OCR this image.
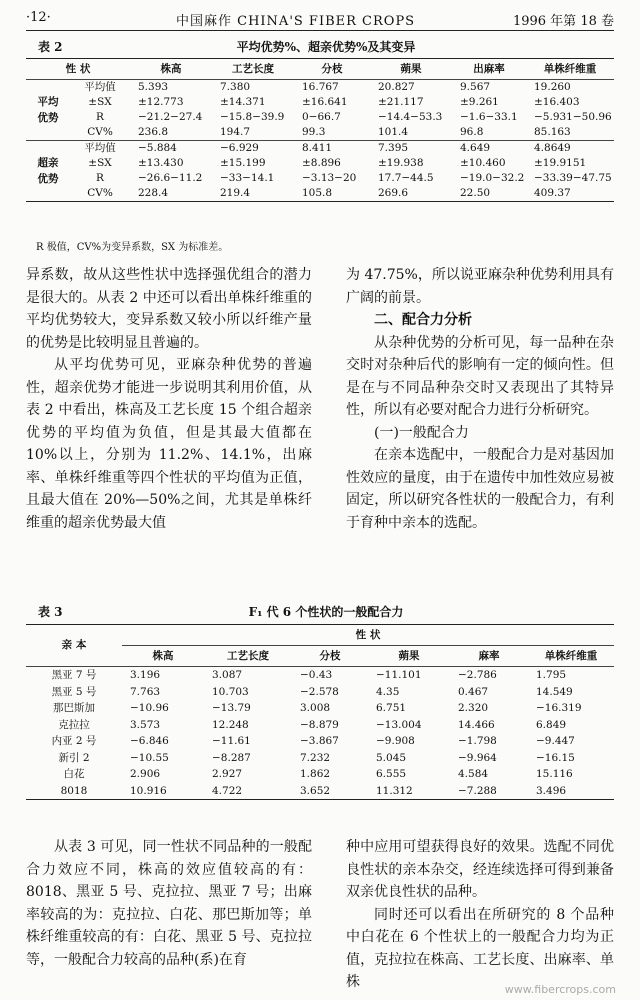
·12·	中国麻作 CHINA'S FIBER CROPS	1996 年第 18 卷
表 2	平均优势%、超亲优势%及其变异
性 状		株高	工艺长度	分枝	蒴果	出麻率	单株纤维重
平均
优势	平均值	5.393	7.380	16.767	20.827	9.567	19.260
	±SX	±12.773	±14.371	±16.641	±21.117	±9.261	±16.403
	R	−21.2−27.4	−15.8−39.9	0−66.7	−14.4−53.3	−1.6−33.1	−5.931−50.96
	CV%	236.8	194.7	99.3	101.4	96.8	85.163
超亲
优势	平均值	−5.884	−6.929	8.411	7.395	4.649	4.8649
	±SX	±13.430	±15.199	±8.896	±19.938	±10.460	±19.9151
	R	−26.6−11.2	−33−14.1	−3.13−20	17.7−44.5	−19.0−32.2	−33.39−47.75
	CV%	228.4	219.4	105.8	269.6	22.50	409.37
R 极值，CV%为变异系数，SX 为标准差。

异系数，故从这些性状中选择强优组合的潜力是很大的。从表 2 中还可以看出单株纤维重的平均优势较大，变异系数又较小所以纤维产量的优势是比较明显且普遍的。

从平均优势可见，亚麻杂种优势的普遍性，超亲优势才能进一步说明其利用价值，从表 2 中看出，株高及工艺长度 15 个组合超亲优势的平均值为负值，但是其最大值都在 10%以上，分别为 11.2%、14.1%，出麻率、单株纤维重等四个性状的平均值为正值，且最大值在 20%—50%之间，尤其是单株纤维重的超亲优势最大值

为 47.75%，所以说亚麻杂种优势利用具有广阔的前景。

二、配合力分析

从杂种优势的分析可见，每一品种在杂交时对杂种后代的影响有一定的倾向性。但是在与不同品种杂交时又表现出了其特异性，所以有必要对配合力进行分析研究。

(一)一般配合力

在亲本选配中，一般配合力是对基因加性效应的量度，由于在遗传中加性效应易被固定，所以研究各性状的一般配合力，有利于育种中亲本的选配。

表 3	F₁ 代 6 个性状的一般配合力
亲 本	性 状					
	株高	工艺长度	分枝	蒴果	麻率	单株纤维重
黑亚 7 号	3.196	3.087	−0.43	−11.101	−2.786	1.795
黑亚 5 号	7.763	10.703	−2.578	4.35	0.467	14.549
那巴斯加	−10.96	−13.79	3.008	6.751	2.320	−16.319
克拉拉	3.573	12.248	−8.879	−13.004	14.466	6.849
内亚 2 号	−6.846	−11.61	−3.867	−9.908	−1.798	−9.447
新引 2	−10.55	−8.287	7.232	5.045	−9.964	−16.15
白花	2.906	2.927	1.862	6.555	4.584	15.116
8018	10.916	4.722	3.652	11.312	−7.288	3.496

从表 3 可见，同一性状不同品种的一般配合力效应不同，株高的效应值较高的有：8018、黑亚 5 号、克拉拉、黑亚 7 号；出麻率较高的为：克拉拉、白花、那巴斯加等；单株纤维重较高的有：白花、黑亚 5 号、克拉拉等，一般配合力较高的品种(系)在育

种中应用可望获得良好的效果。选配不同优良性状的亲本杂交，经连续选择可得到兼备双亲优良性状的品种。

同时还可以看出在所研究的 8 个品种中白花在 6 个性状上的一般配合力均为正值，克拉拉在株高、工艺长度、出麻率、单株	www.fibercrops.com
